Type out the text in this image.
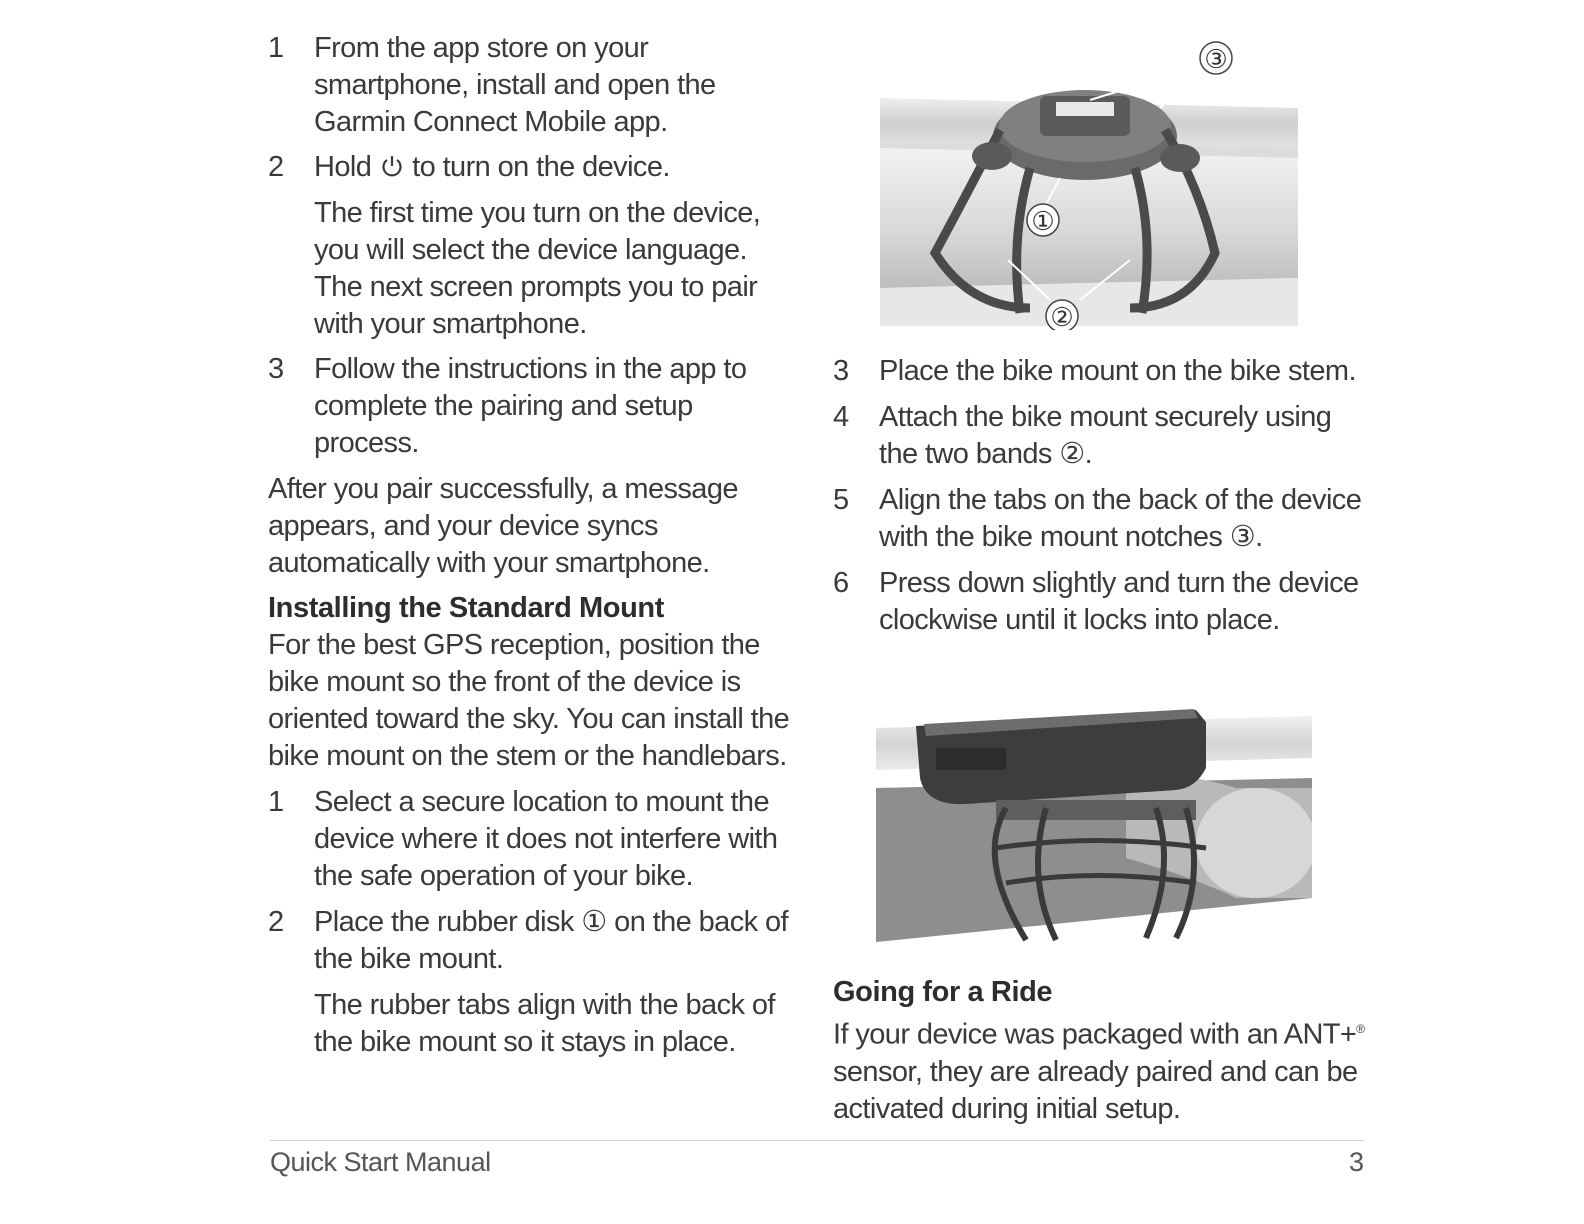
1 From the app store on your smartphone, install and open the Garmin Connect Mobile app.
2 Hold  to turn on the device.
The first time you turn on the device, you will select the device language. The next screen prompts you to pair with your smartphone.
3 Follow the instructions in the app to complete the pairing and setup process.

After you pair successfully, a message appears, and your device syncs automatically with your smartphone.

Installing the Standard Mount

For the best GPS reception, position the bike mount so the front of the device is oriented toward the sky. You can install the bike mount on the stem or the handlebars.

1 Select a secure location to mount the device where it does not interfere with the safe operation of your bike.
2 Place the rubber disk ① on the back of the bike mount.
The rubber tabs align with the back of the bike mount so it stays in place.
①
②
③
3 Place the bike mount on the bike stem.
4 Attach the bike mount securely using the two bands ②.
5 Align the tabs on the back of the device with the bike mount notches ③.
6 Press down slightly and turn the device clockwise until it locks into place.

Going for a Ride

If your device was packaged with an ANT+® sensor, they are already paired and can be activated during initial setup.

Quick Start Manual	3
